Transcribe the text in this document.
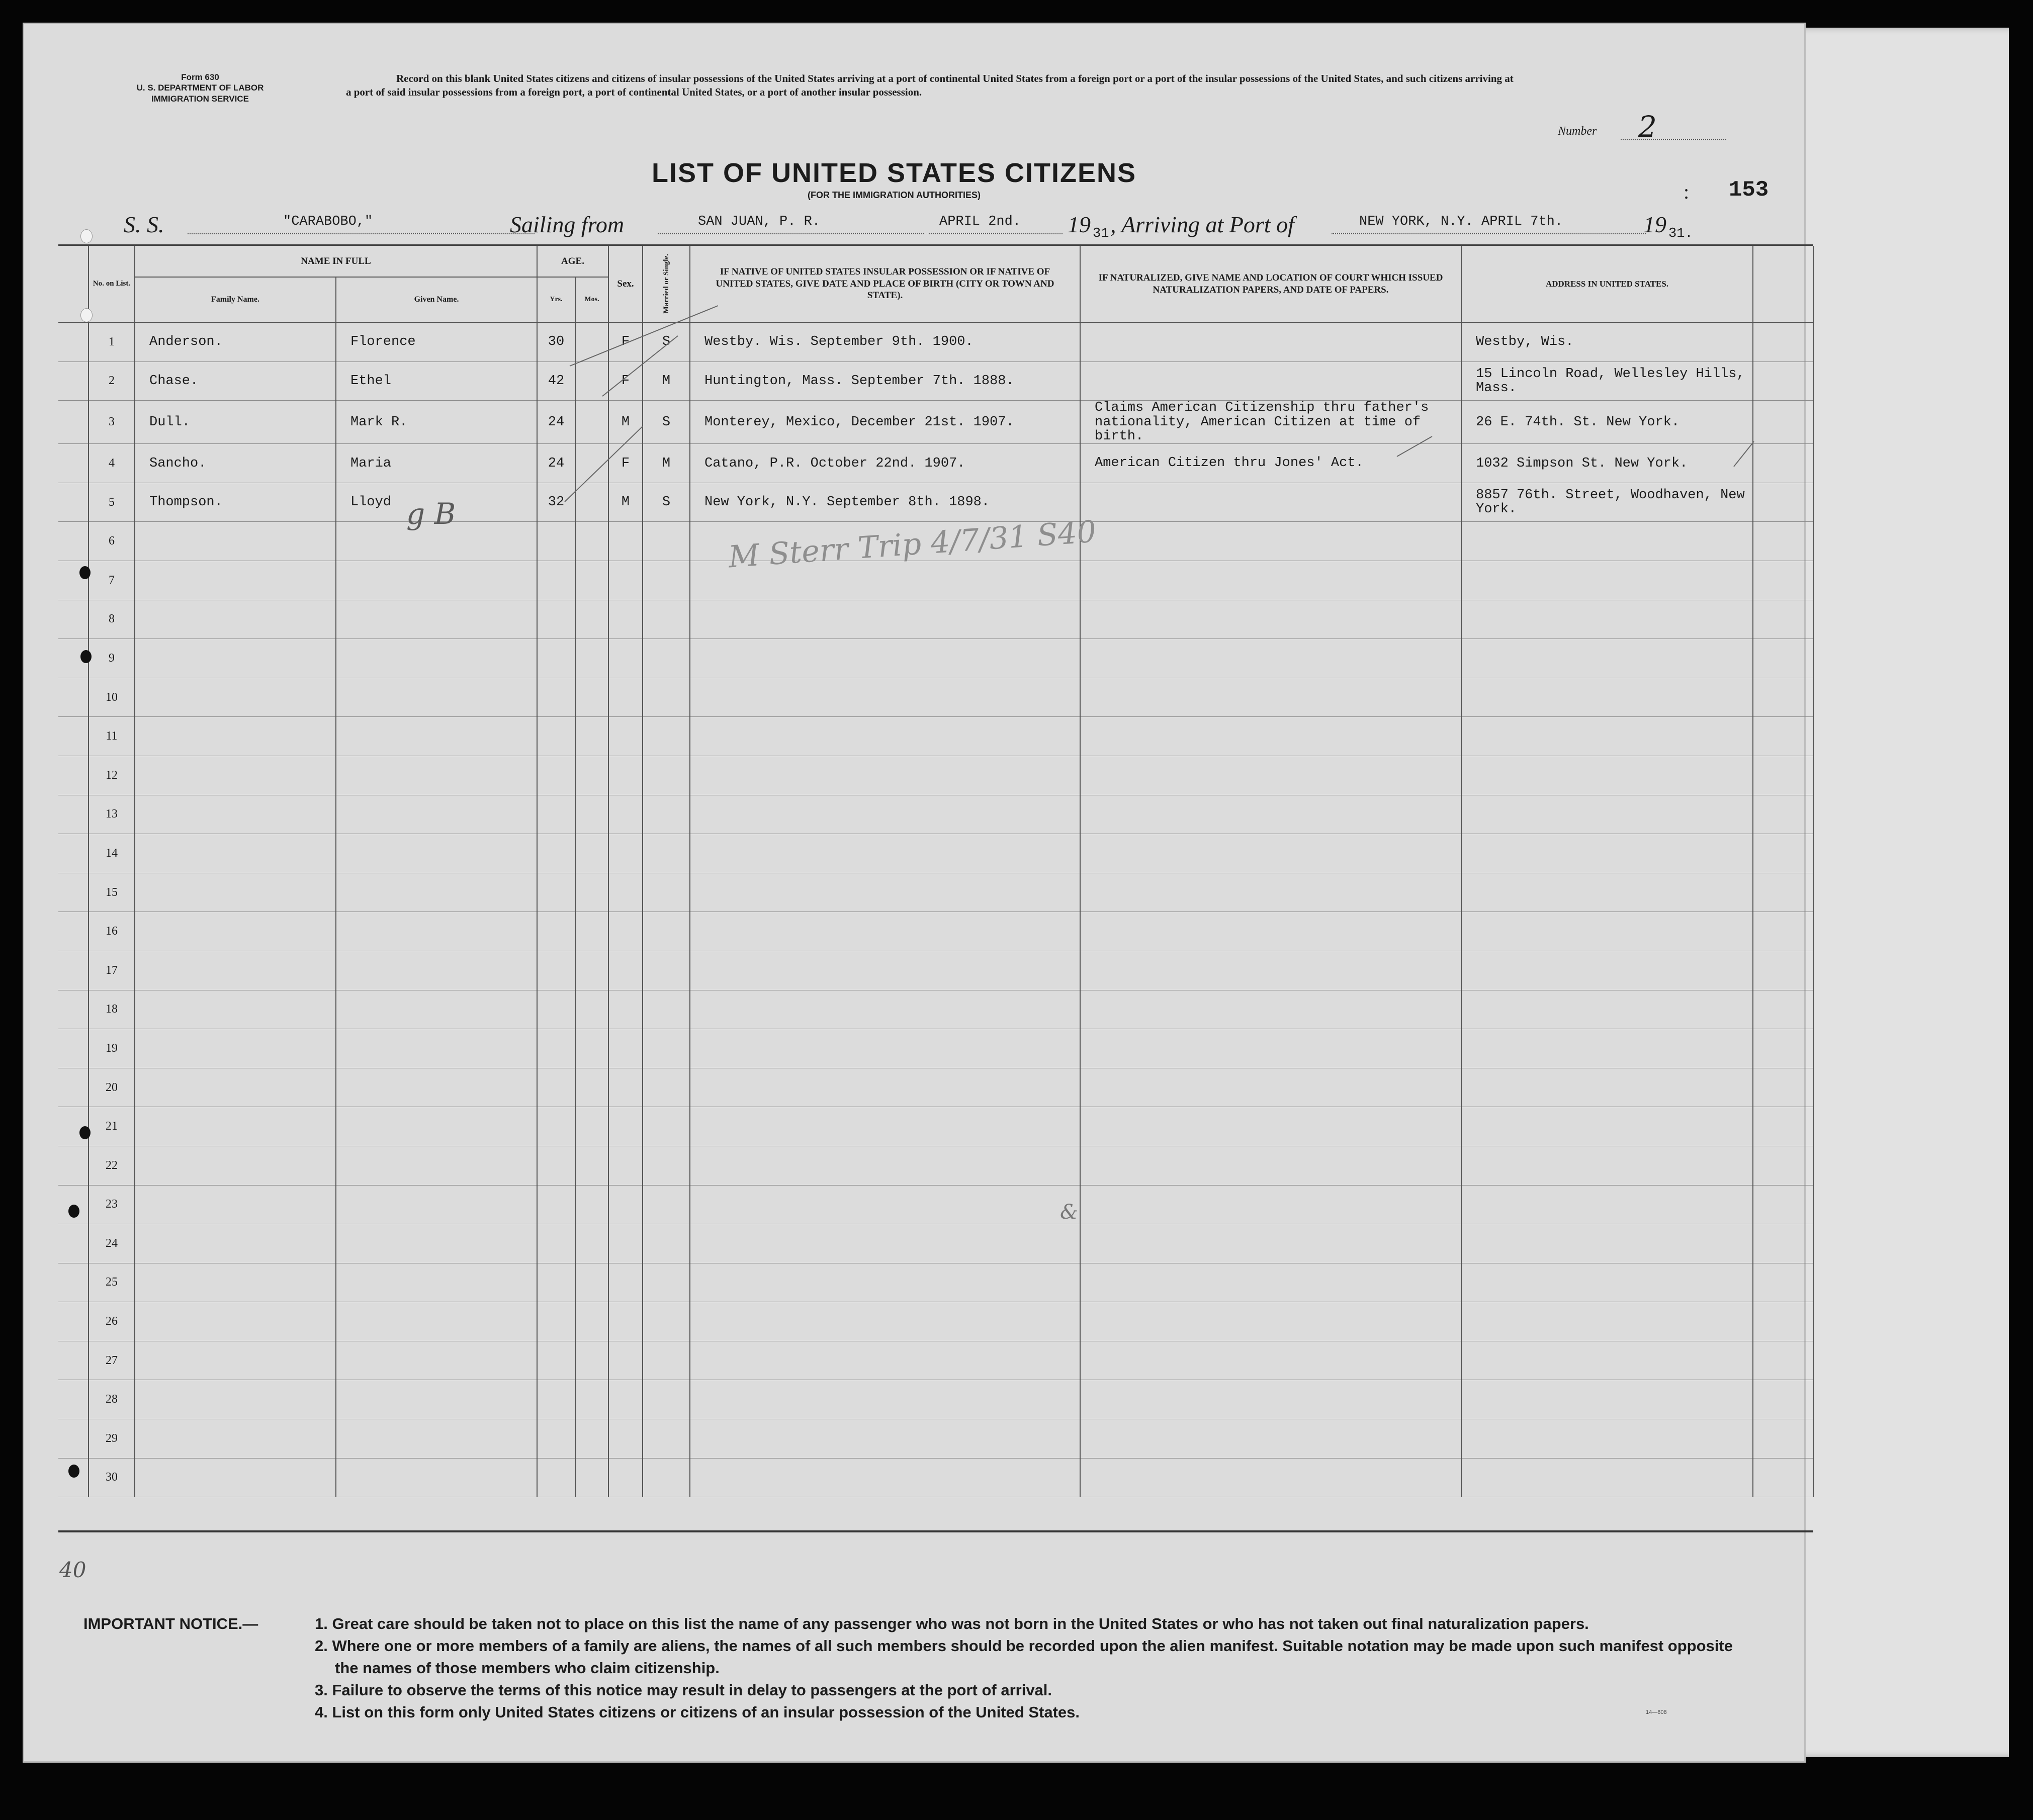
Form 630
U. S. DEPARTMENT OF LABOR
IMMIGRATION SERVICE
Record on this blank United States citizens and citizens of insular possessions of the United States arriving at a port of continental United States from a foreign port or a port of the insular possessions of the United States, and such citizens arriving at a port of said insular possessions from a foreign port, a port of continental United States, or a port of another insular possession.
Number 2
LIST OF UNITED STATES CITIZENS
(FOR THE IMMIGRATION AUTHORITIES)	: 153
S. S.	"CARABOBO,"	Sailing from	SAN JUAN, P. R.	APRIL 2nd. 19 31 , Arriving at Port of	NEW YORK, N.Y. APRIL 7th.	19 31.
	No. on List.	NAME IN FULL		AGE.		Sex.	Married or Single.	IF NATIVE OF UNITED STATES INSULAR POSSESSION OR IF NATIVE OF UNITED STATES, GIVE DATE AND PLACE OF BIRTH (CITY OR TOWN AND STATE).	IF NATURALIZED, GIVE NAME AND LOCATION OF COURT WHICH ISSUED NATURALIZATION PAPERS, AND DATE OF PAPERS.	ADDRESS IN UNITED STATES.	
		Family Name.	Given Name.	Yrs.	Mos.						
	1	Anderson.	Florence	30		F	S	Westby. Wis. September 9th. 1900.		Westby, Wis.	
	2	Chase.	Ethel	42		F	M	Huntington, Mass. September 7th. 1888.		15 Lincoln Road, Wellesley Hills, Mass.	
	3	Dull.	Mark R.	24		M	S	Monterey, Mexico, December 21st. 1907.	Claims American Citizenship thru father's nationality, American Citizen at time of birth.	26 E. 74th. St. New York.	
	4	Sancho.	Maria	24		F	M	Catano, P.R. October 22nd. 1907.	American Citizen thru Jones' Act.	1032 Simpson St. New York.	
	5	Thompson.	Lloyd	32		M	S	New York, N.Y. September 8th. 1898.		8857 76th. Street, Woodhaven, New York.	
	6										
	7										
	8										
	9										
	10										
	11										
	12										
	13										
	14										
	15										
	16										
	17										
	18										
	19										
	20										
	21										
	22										
	23										
	24										
	25										
	26										
	27										
	28										
	29										
	30										
g B
M Sterr Trip 4/7/31 S40
&
40
IMPORTANT NOTICE.—	1. Great care should be taken not to place on this list the name of any passenger who was not born in the United States or who has not taken out final naturalization papers.
2. Where one or more members of a family are aliens, the names of all such members should be recorded upon the alien manifest. Suitable notation may be made upon such manifest opposite the names of those members who claim citizenship.
3. Failure to observe the terms of this notice may result in delay to passengers at the port of arrival.
4. List on this form only United States citizens or citizens of an insular possession of the United States.	14—608
